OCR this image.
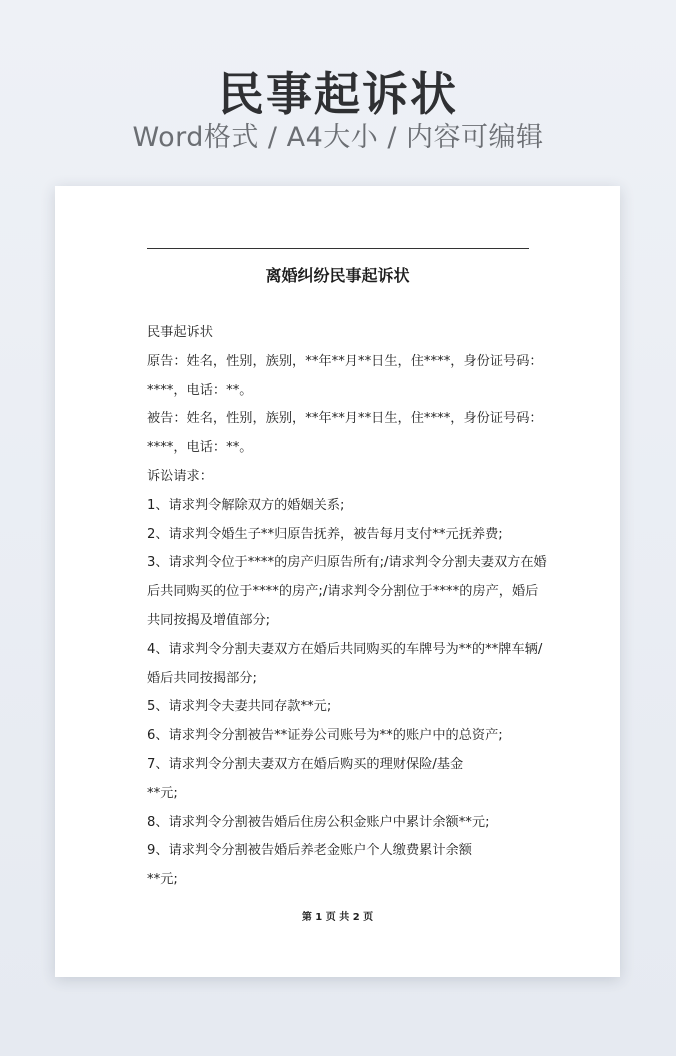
民事起诉状
Word格式 / A4大小 / 内容可编辑
离婚纠纷民事起诉状
民事起诉状
原告：姓名，性别，族别，**年**月**日生，住****，身份证号码：
****，电话：**。
被告：姓名，性别，族别，**年**月**日生，住****，身份证号码：
****，电话：**。
诉讼请求：
1、请求判令解除双方的婚姻关系;
2、请求判令婚生子**归原告抚养，被告每月支付**元抚养费;
3、请求判令位于****的房产归原告所有;/请求判令分割夫妻双方在婚
后共同购买的位于****的房产;/请求判令分割位于****的房产，婚后
共同按揭及增值部分;
4、请求判令分割夫妻双方在婚后共同购买的车牌号为**的**牌车辆/
婚后共同按揭部分;
5、请求判令夫妻共同存款**元;
6、请求判令分割被告**证券公司账号为**的账户中的总资产;
7、请求判令分割夫妻双方在婚后购买的理财保险/基金
**元;
8、请求判令分割被告婚后住房公积金账户中累计余额**元;
9、请求判令分割被告婚后养老金账户个人缴费累计余额
**元;
第 1 页 共 2 页
